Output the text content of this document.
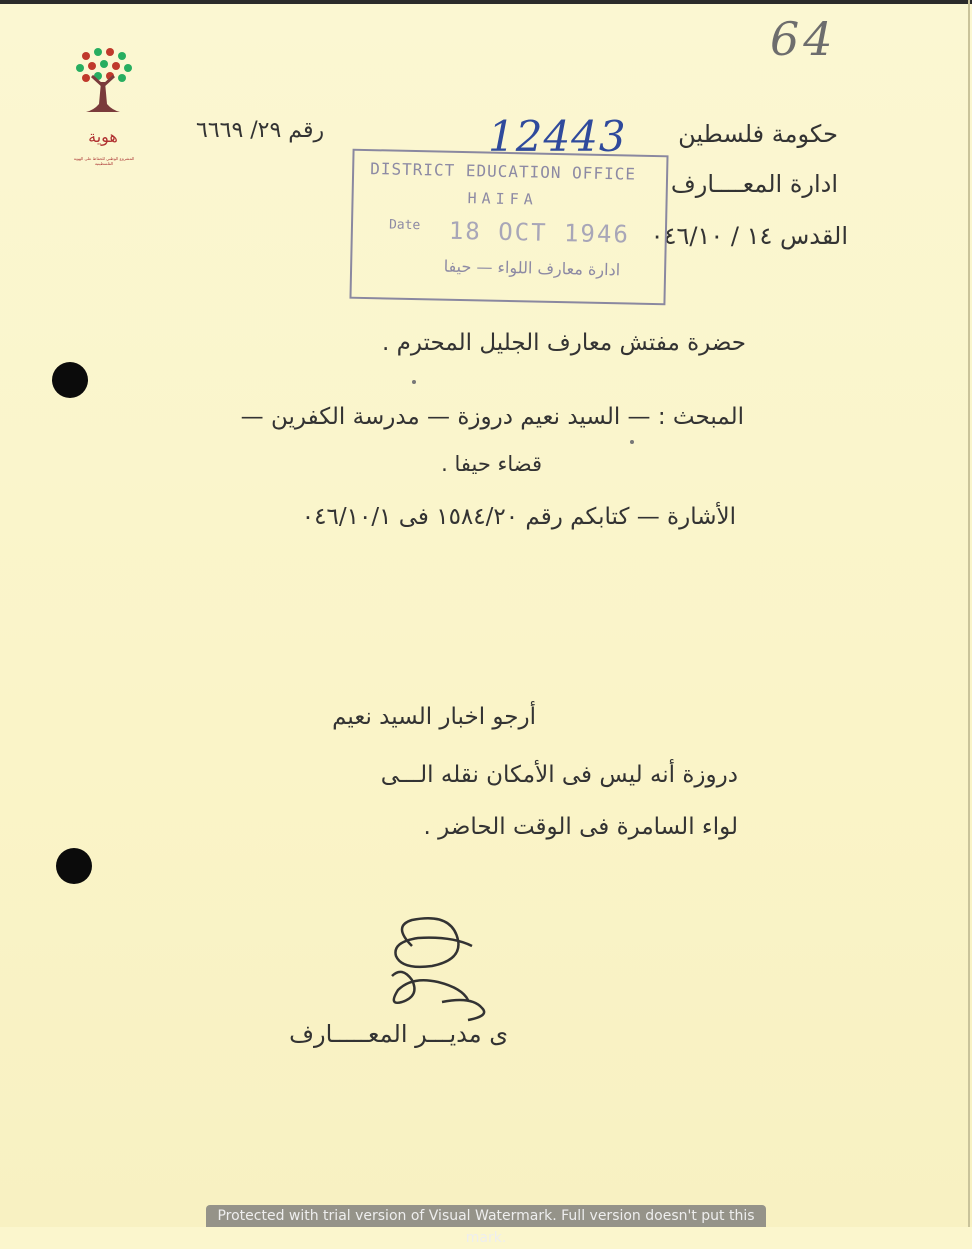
64
هوية
المشروع الوطني للحفاظ على الهوية الفلسطينية
حكومة فلسطين
ادارة المعــــارف
القدس ١٤ / ٠٤٦/١٠
رقم ٢٩/ ٦٦٦٩	12443
DISTRICT EDUCATION OFFICE
HAIFA
Date 18 OCT 1946
ادارة معارف اللواء — حيفا
حضرة مفتش معارف الجليل المحترم .
المبحث : — السيد نعيم دروزة — مدرسة الكفرين —
قضاء حيفا .
الأشارة — كتابكم رقم ١٥٨٤/٢٠ فى ٠٤٦/١٠/١
أرجو اخبار السيد نعيم
دروزة أنه ليس فى الأمكان نقله الـــى
لواء السامرة فى الوقت الحاضر .
ى مديـــر المعـــــارف
Protected with trial version of Visual Watermark. Full version doesn't put this mark.
